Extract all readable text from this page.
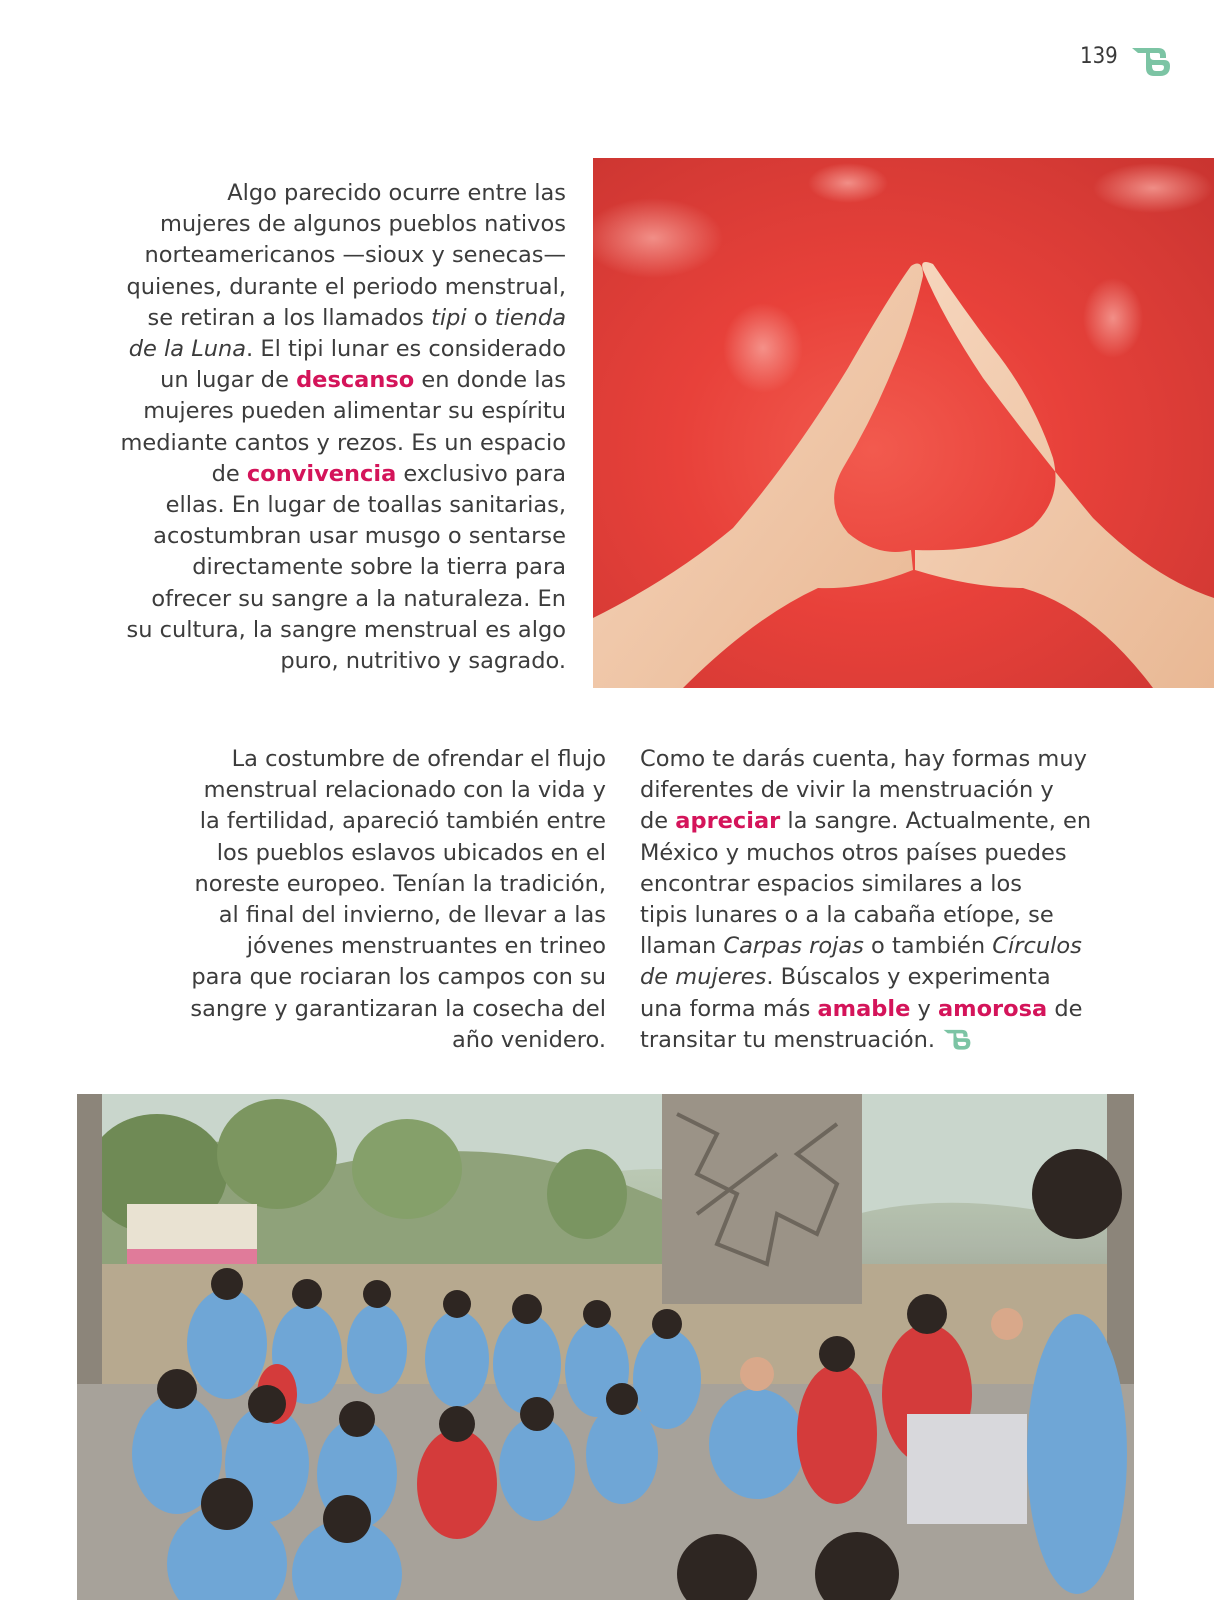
139

Algo parecido ocurre entre las
mujeres de algunos pueblos nativos
norteamericanos —sioux y senecas—
quienes, durante el periodo menstrual,
se retiran a los llamados tipi o tienda
de la Luna. El tipi lunar es considerado
un lugar de descanso en donde las
mujeres pueden alimentar su espíritu
mediante cantos y rezos. Es un espacio
de convivencia exclusivo para
ellas. En lugar de toallas sanitarias,
acostumbran usar musgo o sentarse
directamente sobre la tierra para
ofrecer su sangre a la naturaleza. En
su cultura, la sangre menstrual es algo
puro, nutritivo y sagrado.

La costumbre de ofrendar el flujo
menstrual relacionado con la vida y
la fertilidad, apareció también entre
los pueblos eslavos ubicados en el
noreste europeo. Tenían la tradición,
al final del invierno, de llevar a las
jóvenes menstruantes en trineo
para que rociaran los campos con su
sangre y garantizaran la cosecha del
año venidero.

Como te darás cuenta, hay formas muy
diferentes de vivir la menstruación y
de apreciar la sangre. Actualmente, en
México y muchos otros países puedes
encontrar espacios similares a los
tipis lunares o a la cabaña etíope, se
llaman Carpas rojas o también Círculos
de mujeres. Búscalos y experimenta
una forma más amable y amorosa de
transitar tu menstruación.
